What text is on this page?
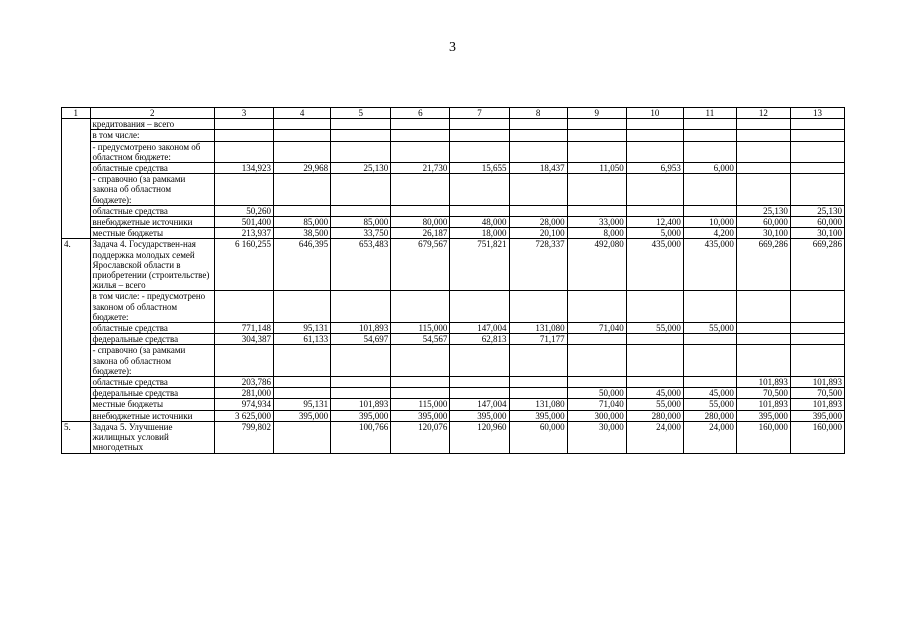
3
1	2	3	4	5	6	7	8	9	10	11	12	13
	кредитования – всего											
	в том числе:											
	- предусмотрено законом об областном бюджете:											
	областные средства	134,923	29,968	25,130	21,730	15,655	18,437	11,050	6,953	6,000		
	- справочно (за рамками закона об областном бюджете):											
	областные средства	50,260									25,130	25,130
	внебюджетные источники	501,400	85,000	85,000	80,000	48,000	28,000	33,000	12,400	10,000	60,000	60,000
	местные бюджеты	213,937	38,500	33,750	26,187	18,000	20,100	8,000	5,000	4,200	30,100	30,100
4.	Задача 4. Государствен-ная поддержка молодых семей Ярославской области в приобретении (строительстве) жилья – всего	6 160,255	646,395	653,483	679,567	751,821	728,337	492,080	435,000	435,000	669,286	669,286
	в том числе: - предусмотрено законом об областном бюджете:											
	областные средства	771,148	95,131	101,893	115,000	147,004	131,080	71,040	55,000	55,000		
	федеральные средства	304,387	61,133	54,697	54,567	62,813	71,177					
	- справочно (за рамками закона об областном бюджете):											
	областные средства	203,786									101,893	101,893
	федеральные средства	281,000						50,000	45,000	45,000	70,500	70,500
	местные бюджеты	974,934	95,131	101,893	115,000	147,004	131,080	71,040	55,000	55,000	101,893	101,893
	внебюджетные источники	3 625,000	395,000	395,000	395,000	395,000	395,000	300,000	280,000	280,000	395,000	395,000
5.	Задача 5. Улучшение жилищных условий многодетных	799,802		100,766	120,076	120,960	60,000	30,000	24,000	24,000	160,000	160,000
